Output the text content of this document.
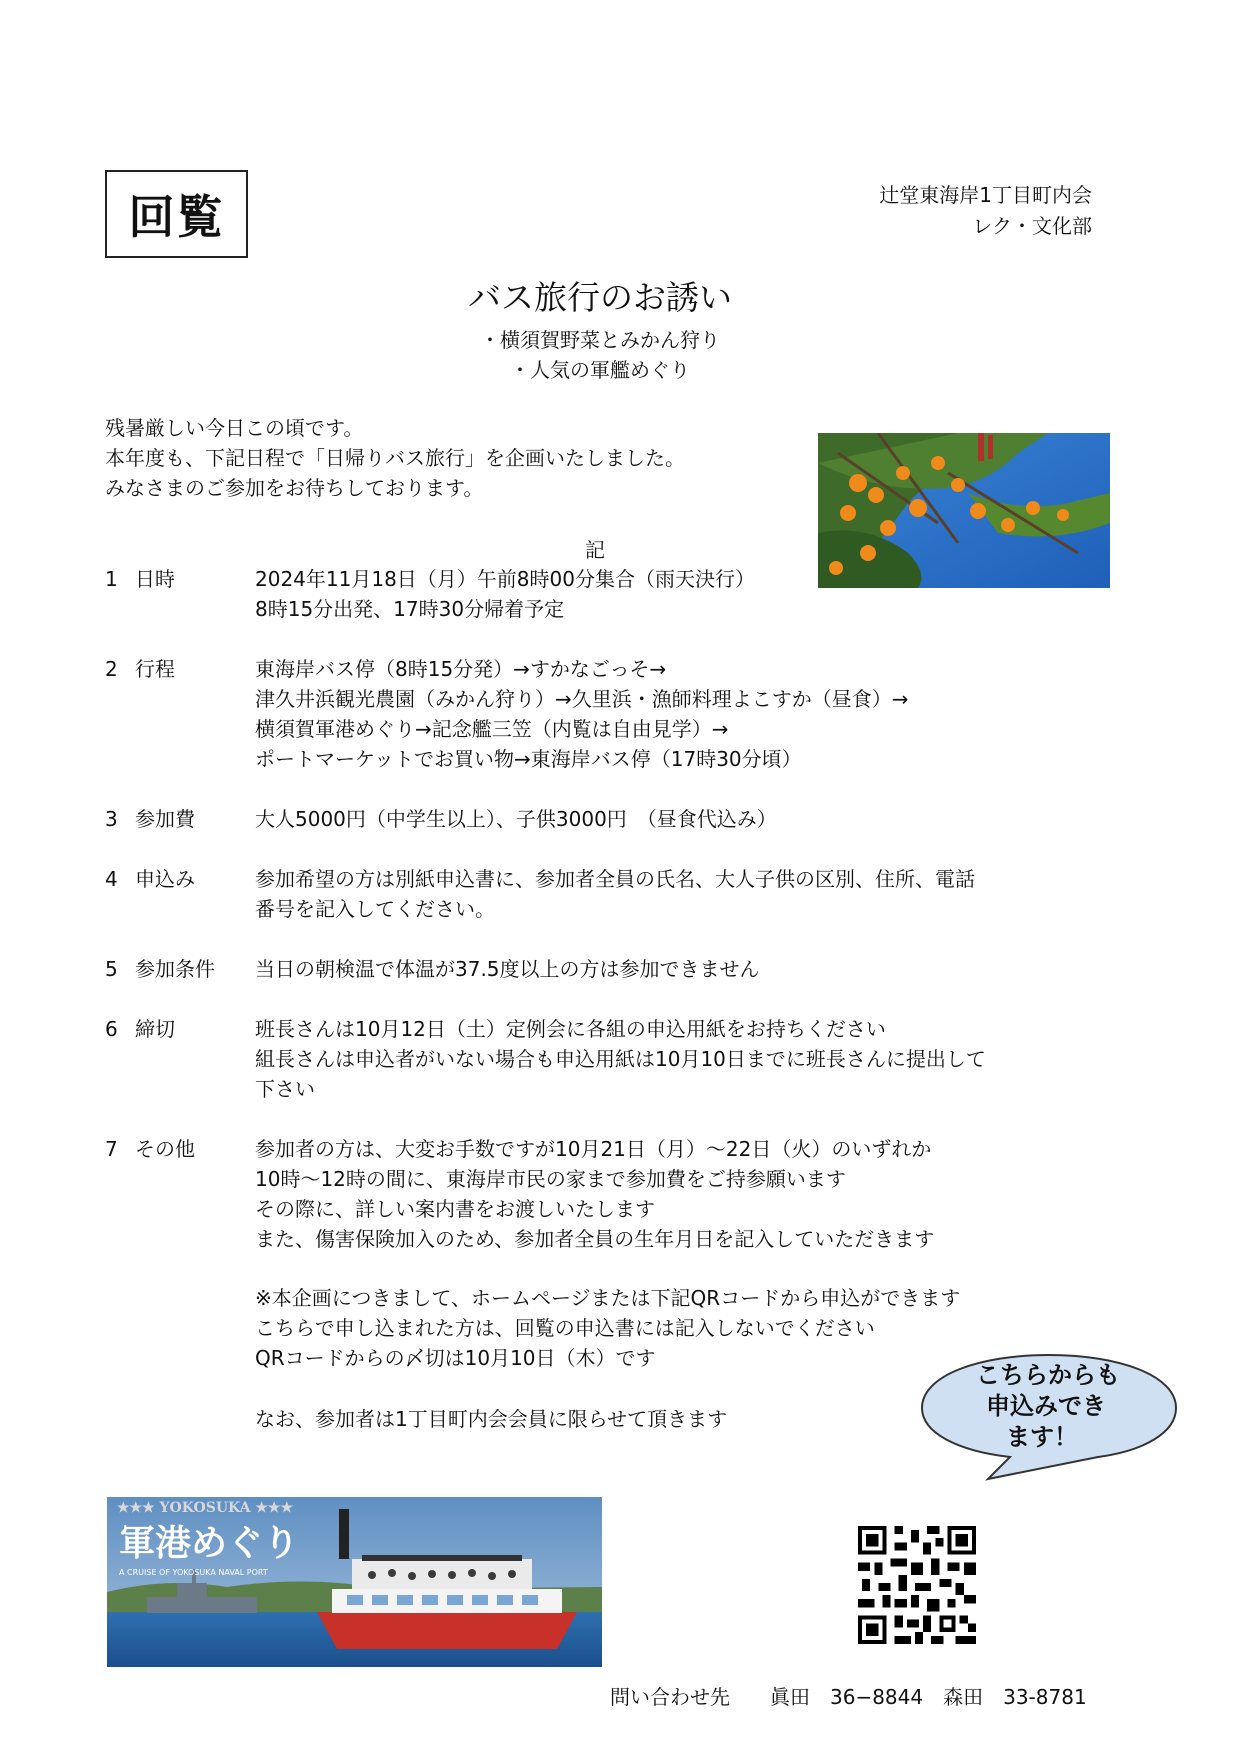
回覧	辻堂東海岸1丁目町内会
レク・文化部
バス旅行のお誘い
・横須賀野菜とみかん狩り
・人気の軍艦めぐり
残暑厳しい今日この頃です。
本年度も、下記日程で「日帰りバス旅行」を企画いたしました。
みなさまのご参加をお待ちしております。
記
1 日時	2024年11月18日（月）午前8時00分集合（雨天決行）
8時15分出発、17時30分帰着予定
2 行程	東海岸バス停（8時15分発）→すかなごっそ→
津久井浜観光農園（みかん狩り）→久里浜・漁師料理よこすか（昼食）→
横須賀軍港めぐり→記念艦三笠（内覧は自由見学）→
ポートマーケットでお買い物→東海岸バス停（17時30分頃）
3 参加費	大人5000円（中学生以上）、子供3000円　（昼食代込み）
4 申込み	参加希望の方は別紙申込書に、参加者全員の氏名、大人子供の区別、住所、電話
番号を記入してください。
5 参加条件 当日の朝検温で体温が37.5度以上の方は参加できません
6 締切	班長さんは10月12日（土）定例会に各組の申込用紙をお持ちください
組長さんは申込者がいない場合も申込用紙は10月10日までに班長さんに提出して
下さい
7 その他	参加者の方は、大変お手数ですが10月21日（月）～22日（火）のいずれか
10時～12時の間に、東海岸市民の家まで参加費をご持参願います
その際に、詳しい案内書をお渡しいたします
また、傷害保険加入のため、参加者全員の生年月日を記入していただきます
※本企画につきまして、ホームページまたは下記QRコードから申込ができます
こちらで申し込まれた方は、回覧の申込書には記入しないでください
QRコードからの〆切は10月10日（木）です
なお、参加者は1丁目町内会会員に限らせて頂きます
こちらからも
申込みでき
ます！
★★★ YOKOSUKA ★★★
軍港めぐり
A CRUISE OF YOKOSUKA NAVAL PORT
問い合わせ先　　眞田　36−8844　森田　33-8781
